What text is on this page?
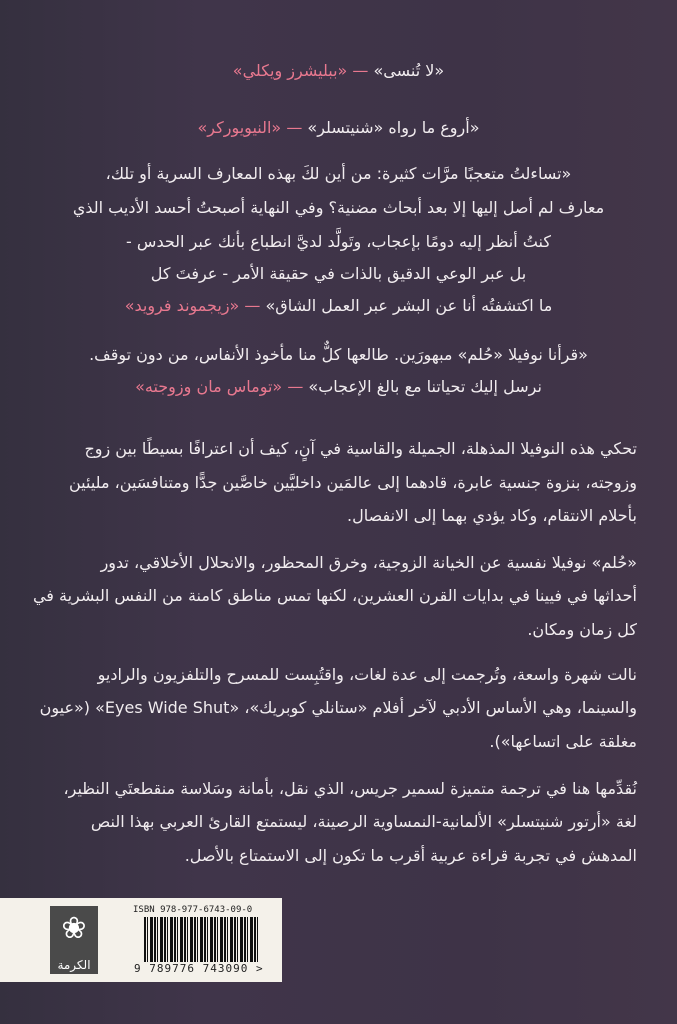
«لا تُنسى» — «ببليشرز ويكلي»
«أروع ما رواه «شنيتسلر» — «النيويوركر»
«تساءلتُ متعجبًا مرَّات كثيرة: من أين لكَ بهذه المعارف السرية أو تلك،
معارف لم أصل إليها إلا بعد أبحاث مضنية؟ وفي النهاية أصبحتُ أحسد الأديب الذي
كنتُ أنظر إليه دومًا بإعجاب، وتَولَّد لديَّ انطباع بأنك عبر الحدس -
بل عبر الوعي الدقيق بالذات في حقيقة الأمر - عرفتَ كل
ما اكتشفتُه أنا عن البشر عبر العمل الشاق» — «زيجموند فرويد»
«قرأنا نوفيلا «حُلم» مبهورَين. طالعها كلٌّ منا مأخوذ الأنفاس، من دون توقف.
نرسل إليك تحياتنا مع بالغ الإعجاب» — «توماس مان وزوجته»
تحكي هذه النوفيلا المذهلة، الجميلة والقاسية في آنٍ، كيف أن اعترافًا بسيطًا بين زوج
وزوجته، بنزوة جنسية عابرة، قادهما إلى عالمَين داخليَّين خاصَّين جدًّا ومتنافسَين، مليئين
بأحلام الانتقام، وكاد يؤدي بهما إلى الانفصال.
«حُلم» نوفيلا نفسية عن الخيانة الزوجية، وخرق المحظور، والانحلال الأخلاقي، تدور
أحداثها في فيينا في بدايات القرن العشرين، لكنها تمس مناطق كامنة من النفس البشرية في
كل زمان ومكان.
نالت شهرة واسعة، وتُرجمت إلى عدة لغات، واقتُبِست للمسرح والتلفزيون والراديو
والسينما، وهي الأساس الأدبي لآخر أفلام «ستانلي كوبريك»، «Eyes Wide Shut» («عيون
مغلقة على اتساعها»).
نُقدِّمها هنا في ترجمة متميزة لسمير جريس، الذي نقل، بأمانة وسَلاسة منقطعتَي النظير،
لغة «أرتور شنيتسلر» الألمانية-النمساوية الرصينة، ليستمتع القارئ العربي بهذا النص
المدهش في تجربة قراءة عربية أقرب ما تكون إلى الاستمتاع بالأصل.
❀
الكرمة
ISBN 978-977-6743-09-0
9 789776 743090 >
